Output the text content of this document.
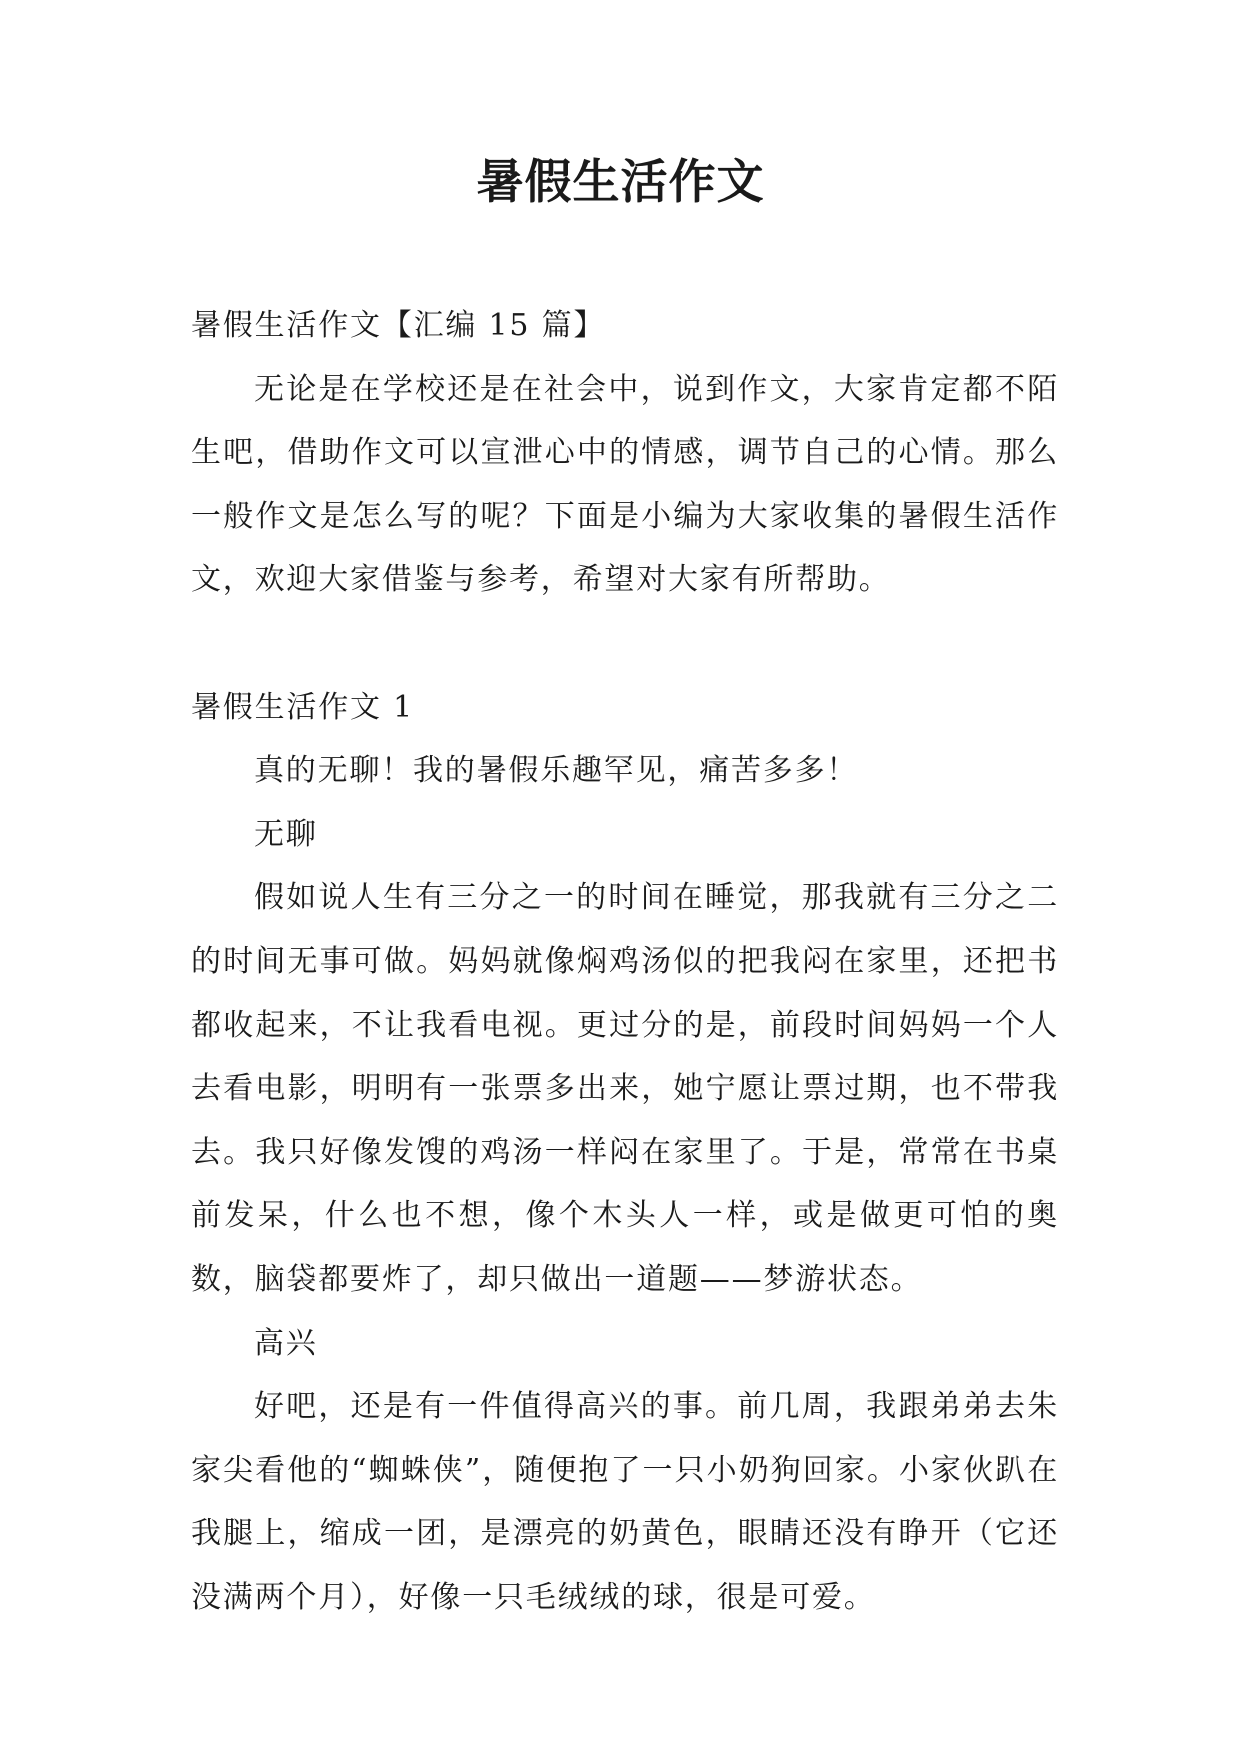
暑假生活作文

暑假生活作文【汇编 15 篇】

无论是在学校还是在社会中，说到作文，大家肯定都不陌生吧，借助作文可以宣泄心中的情感，调节自己的心情。那么一般作文是怎么写的呢？下面是小编为大家收集的暑假生活作文，欢迎大家借鉴与参考，希望对大家有所帮助。

暑假生活作文 1

真的无聊！我的暑假乐趣罕见，痛苦多多！

无聊

假如说人生有三分之一的时间在睡觉，那我就有三分之二的时间无事可做。妈妈就像焖鸡汤似的把我闷在家里，还把书都收起来，不让我看电视。更过分的是，前段时间妈妈一个人去看电影，明明有一张票多出来，她宁愿让票过期，也不带我去。我只好像发馊的鸡汤一样闷在家里了。于是，常常在书桌前发呆，什么也不想，像个木头人一样，或是做更可怕的奥数，脑袋都要炸了，却只做出一道题——梦游状态。

高兴

好吧，还是有一件值得高兴的事。前几周，我跟弟弟去朱家尖看他的“蜘蛛侠”，随便抱了一只小奶狗回家。小家伙趴在我腿上，缩成一团，是漂亮的奶黄色，眼睛还没有睁开（它还没满两个月），好像一只毛绒绒的球，很是可爱。
